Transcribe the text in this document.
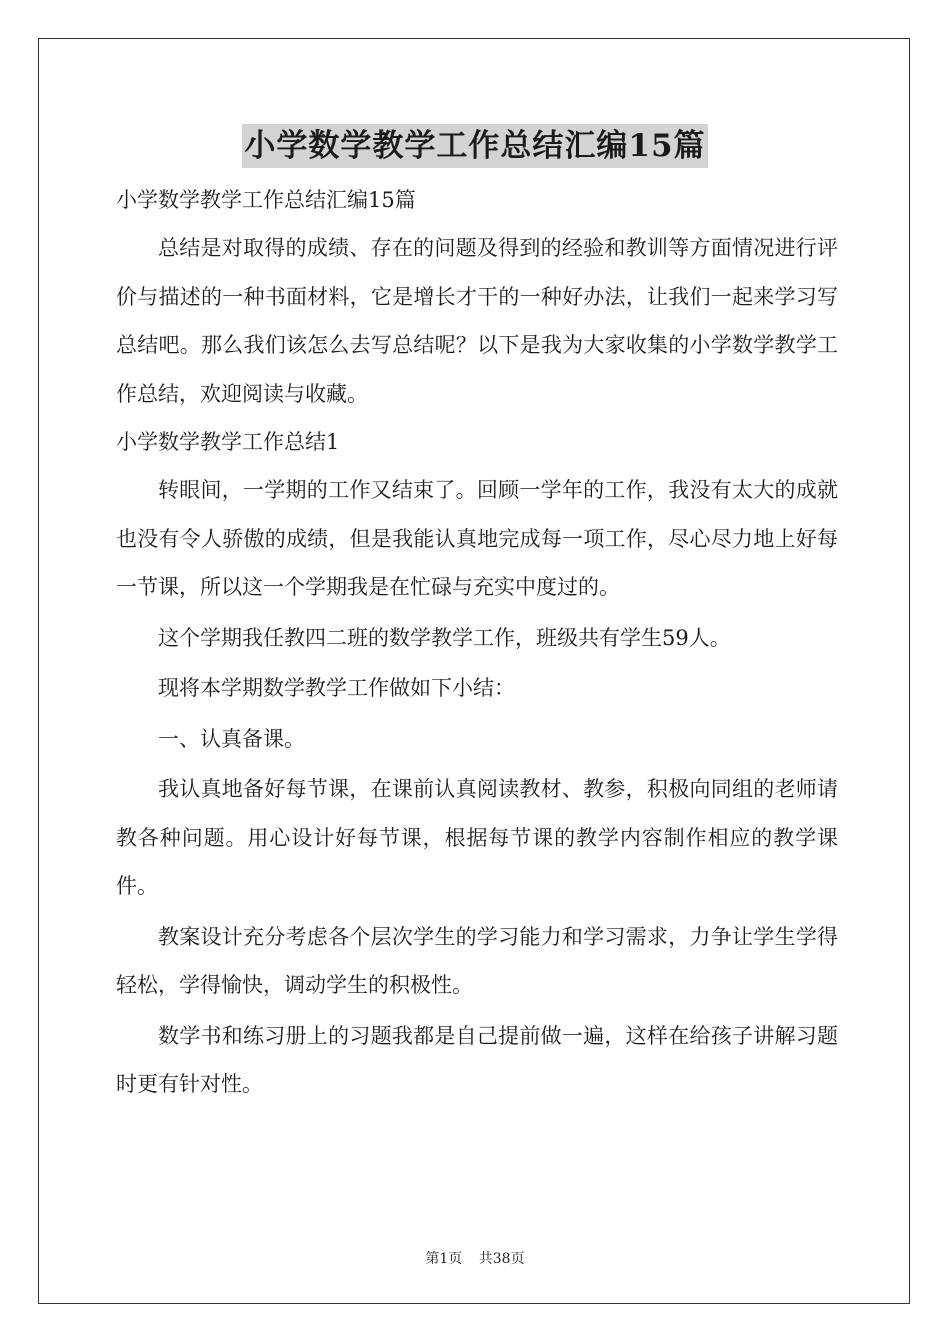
小学数学教学工作总结汇编15篇

小学数学教学工作总结汇编15篇

总结是对取得的成绩、存在的问题及得到的经验和教训等方面情况进行评价与描述的一种书面材料，它是增长才干的一种好办法，让我们一起来学习写总结吧。那么我们该怎么去写总结呢？以下是我为大家收集的小学数学教学工作总结，欢迎阅读与收藏。

小学数学教学工作总结1

转眼间，一学期的工作又结束了。回顾一学年的工作，我没有太大的成就也没有令人骄傲的成绩，但是我能认真地完成每一项工作，尽心尽力地上好每一节课，所以这一个学期我是在忙碌与充实中度过的。

这个学期我任教四二班的数学教学工作，班级共有学生59人。

现将本学期数学教学工作做如下小结：

一、认真备课。

我认真地备好每节课，在课前认真阅读教材、教参，积极向同组的老师请教各种问题。用心设计好每节课，根据每节课的教学内容制作相应的教学课件。

教案设计充分考虑各个层次学生的学习能力和学习需求，力争让学生学得轻松，学得愉快，调动学生的积极性。

数学书和练习册上的习题我都是自己提前做一遍，这样在给孩子讲解习题时更有针对性。

第1页 共38页
